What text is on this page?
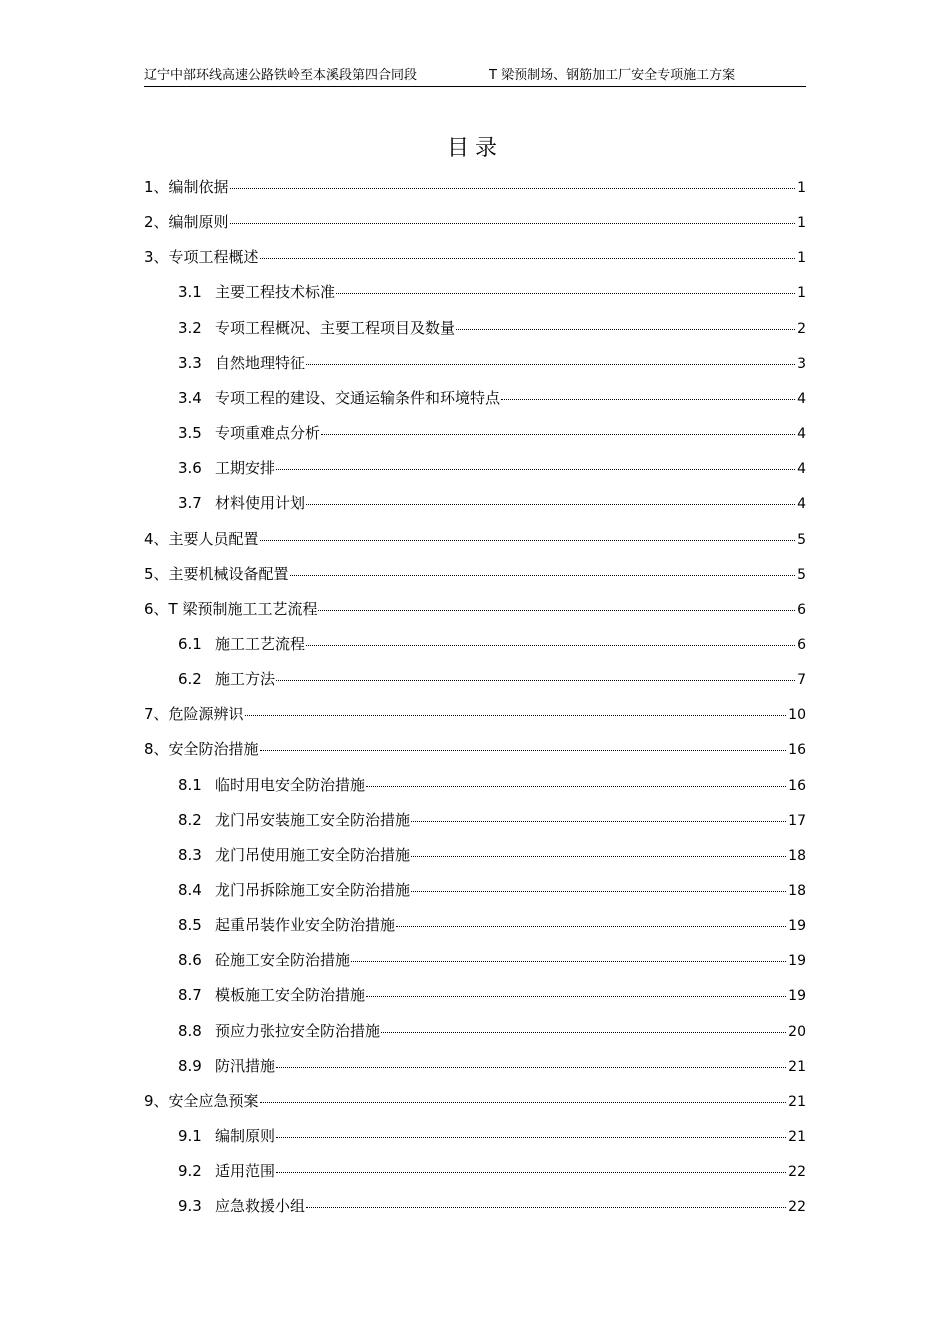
辽宁中部环线高速公路铁岭至本溪段第四合同段	T 梁预制场、钢筋加工厂安全专项施工方案
目录
1、 编制依据	1
2、 编制原则	1
3、 专项工程概述	1
3.1 主要工程技术标准	1
3.2 专项工程概况、主要工程项目及数量	2
3.3 自然地理特征	3
3.4 专项工程的建设、交通运输条件和环境特点	4
3.5 专项重难点分析	4
3.6 工期安排	4
3.7 材料使用计划	4
4、 主要人员配置	5
5、 主要机械设备配置	5
6、 T 梁预制施工工艺流程	6
6.1 施工工艺流程	6
6.2 施工方法	7
7、 危险源辨识	10
8、 安全防治措施	16
8.1 临时用电安全防治措施	16
8.2 龙门吊安装施工安全防治措施	17
8.3 龙门吊使用施工安全防治措施	18
8.4 龙门吊拆除施工安全防治措施	18
8.5 起重吊装作业安全防治措施	19
8.6 砼施工安全防治措施	19
8.7 模板施工安全防治措施	19
8.8 预应力张拉安全防治措施	20
8.9 防汛措施	21
9、 安全应急预案	21
9.1 编制原则	21
9.2 适用范围	22
9.3 应急救援小组	22
